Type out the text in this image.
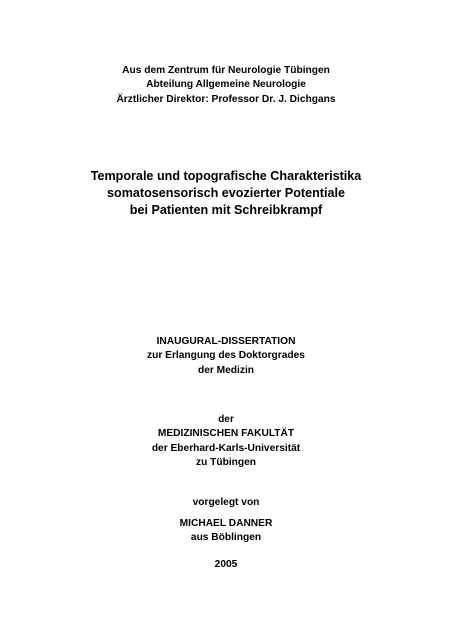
Aus dem Zentrum für Neurologie Tübingen
Abteilung Allgemeine Neurologie
Ärztlicher Direktor: Professor Dr. J. Dichgans
Temporale und topografische Charakteristika
somatosensorisch evozierter Potentiale
bei Patienten mit Schreibkrampf
INAUGURAL-DISSERTATION
zur Erlangung des Doktorgrades
der Medizin
der
MEDIZINISCHEN FAKULTÄT
der Eberhard-Karls-Universität
zu Tübingen
vorgelegt von
MICHAEL DANNER
aus Böblingen
2005
